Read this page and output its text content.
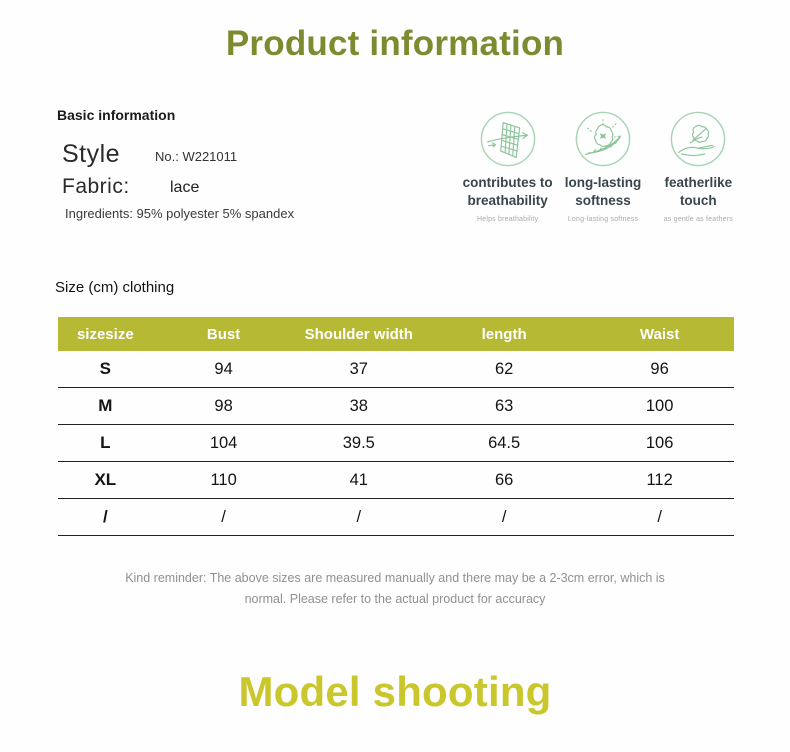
Product information
Basic information
Style	No.: W221011
Fabric:	lace
Ingredients: 95% polyester 5% spandex
contributes to
breathability
Helps breathability
long-lasting
softness
Long-lasting softness
featherlike
touch
as gentle as feathers
Size (cm) clothing
sizesize	Bust	Shoulder width	length	Waist
S	94	37	62	96
M	98	38	63	100
L	104	39.5	64.5	106
XL	110	41	66	112
/	/	/	/	/
Kind reminder: The above sizes are measured manually and there may be a 2-3cm error, which is
normal. Please refer to the actual product for accuracy
Model shooting
